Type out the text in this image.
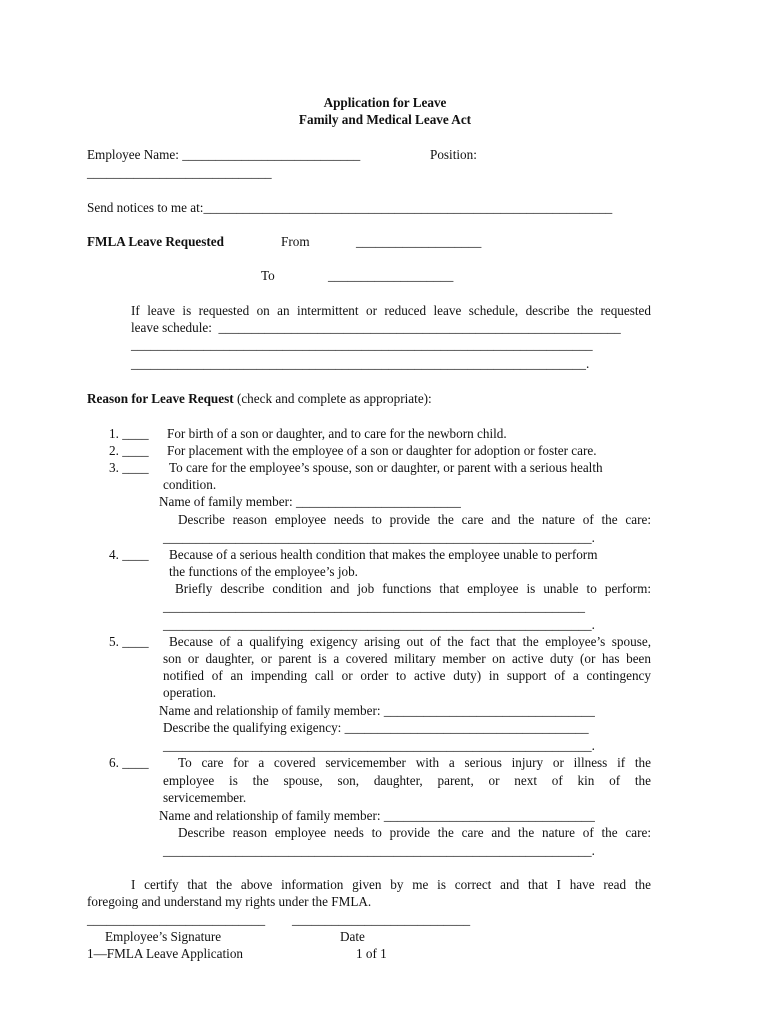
Application for Leave
Family and Medical Leave Act
Employee Name: ___________________________	Position:
____________________________
Send notices to me at:______________________________________________________________
FMLA Leave Requested	From	___________________
To	___________________
If leave is requested on an intermittent or reduced leave schedule, describe the requested
leave schedule:  _____________________________________________________________
______________________________________________________________________
_____________________________________________________________________.
Reason for Leave Request (check and complete as appropriate):
1. ____ For birth of a son or daughter, and to care for the newborn child.
2. ____ For placement with the employee of a son or daughter for adoption or foster care.
3. ____ To care for the employee’s spouse, son or daughter, or parent with a serious health
condition.
Name of family member: _________________________
Describe reason employee needs to provide the care and the nature of the care:
_________________________________________________________________.
4. ____ Because of a serious health condition that makes the employee unable to perform
the functions of the employee’s job.
Briefly describe condition and job functions that employee is unable to perform:
________________________________________________________________
_________________________________________________________________.
5. ____ Because of a qualifying exigency arising out of the fact that the employee’s spouse,
son or daughter, or parent is a covered military member on active duty (or has been
notified of an impending call or order to active duty) in support of a contingency
operation.
Name and relationship of family member: ________________________________
Describe the qualifying exigency: _____________________________________
_________________________________________________________________.
6. ____ To care for a covered servicemember with a serious injury or illness if the
employee is the spouse, son, daughter, parent, or next of kin of the
servicemember.
Name and relationship of family member: ________________________________
Describe reason employee needs to provide the care and the nature of the care:
_________________________________________________________________.
I certify that the above information given by me is correct and that I have read the
foregoing and understand my rights under the FMLA.
___________________________ ___________________________
Employee’s Signature	Date
1—FMLA Leave Application	1 of 1
